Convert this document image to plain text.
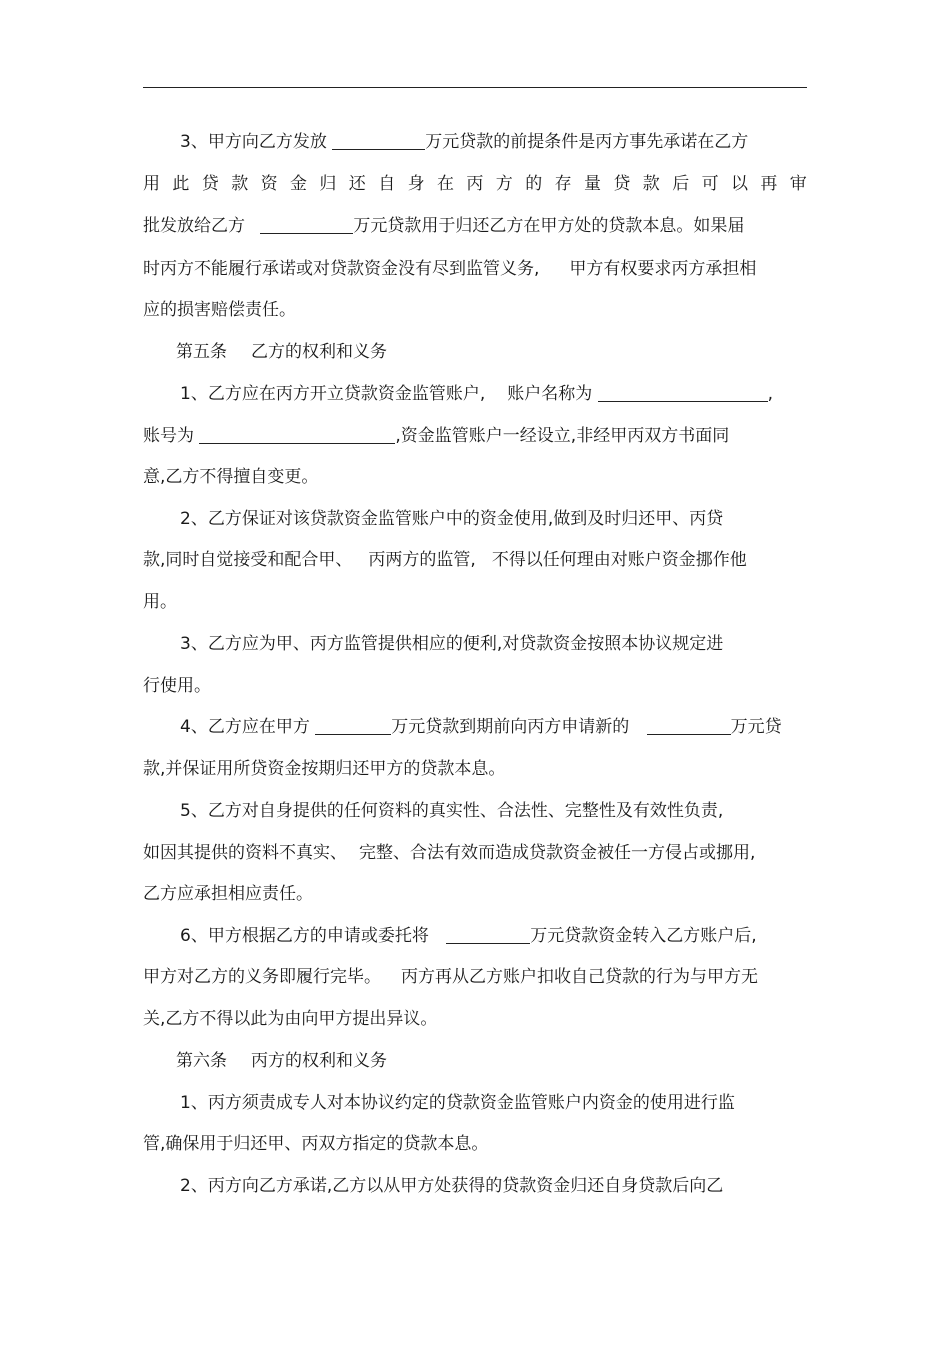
3、甲方向乙方发放	万元贷款的前提条件是丙方事先承诺在乙方

用此贷款资金归还自身在丙方的存量贷款后可以再审

批发放给乙方	万元贷款用于归还乙方在甲方处的贷款本息。如果届

时丙方不能履行承诺或对贷款资金没有尽到监管义务, 甲方有权要求丙方承担相

应的损害赔偿责任。

第五条 乙方的权利和义务

1、乙方应在丙方开立贷款资金监管账户, 账户名称为	,

账号为	,资金监管账户一经设立,非经甲丙双方书面同

意,乙方不得擅自变更。

2、乙方保证对该贷款资金监管账户中的资金使用,做到及时归还甲、丙贷

款,同时自觉接受和配合甲、 丙两方的监管, 不得以任何理由对账户资金挪作他

用。

3、乙方应为甲、丙方监管提供相应的便利,对贷款资金按照本协议规定进

行使用。

4、乙方应在甲方	万元贷款到期前向丙方申请新的	万元贷

款,并保证用所贷资金按期归还甲方的贷款本息。

5、乙方对自身提供的任何资料的真实性、合法性、完整性及有效性负责,

如因其提供的资料不真实、 完整、合法有效而造成贷款资金被任一方侵占或挪用,

乙方应承担相应责任。

6、甲方根据乙方的申请或委托将	万元贷款资金转入乙方账户后,

甲方对乙方的义务即履行完毕。 丙方再从乙方账户扣收自己贷款的行为与甲方无

关,乙方不得以此为由向甲方提出异议。

第六条 丙方的权利和义务

1、丙方须责成专人对本协议约定的贷款资金监管账户内资金的使用进行监

管,确保用于归还甲、丙双方指定的贷款本息。

2、丙方向乙方承诺,乙方以从甲方处获得的贷款资金归还自身贷款后向乙
